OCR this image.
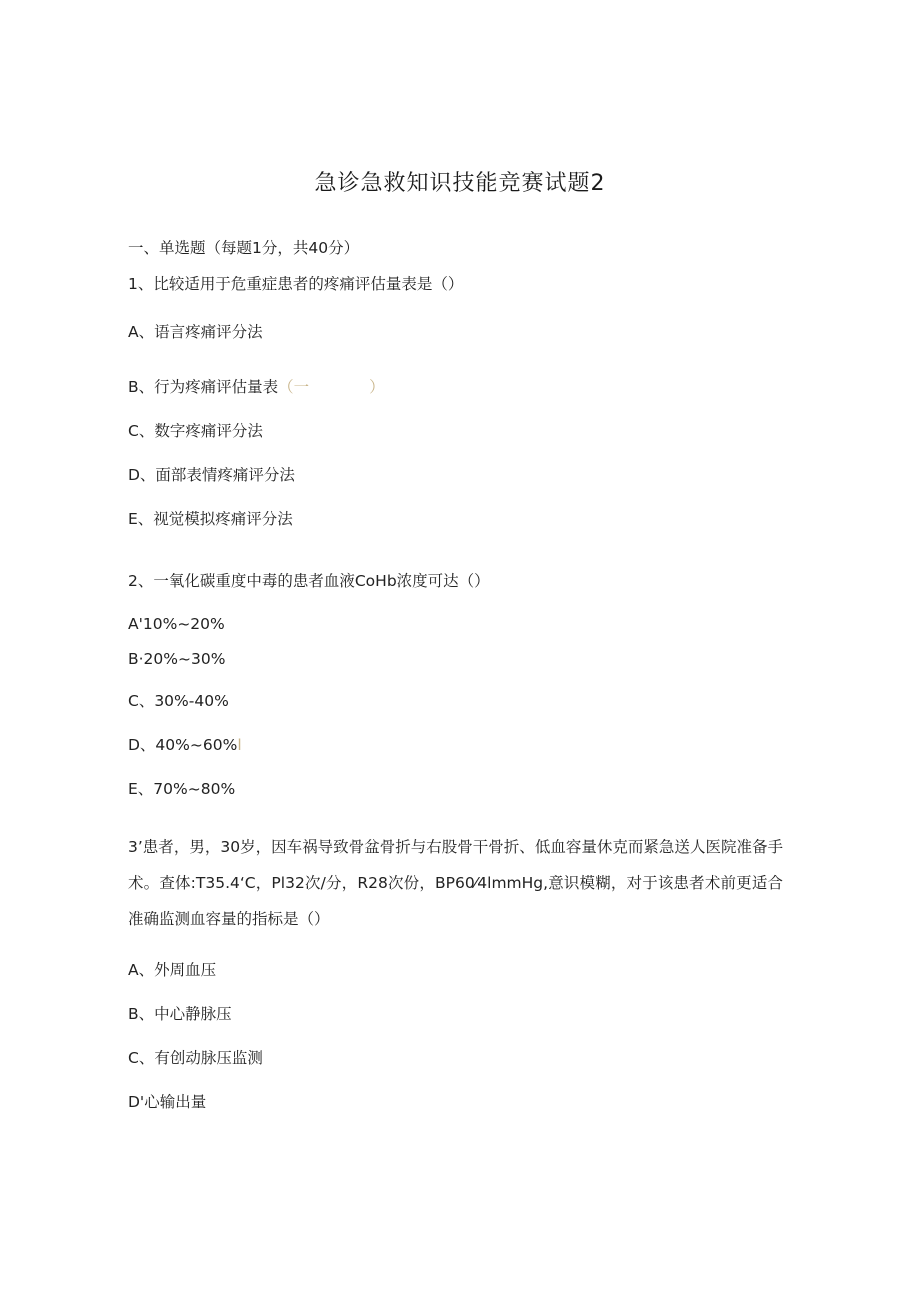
急诊急救知识技能竞赛试题2
一、单选题（每题1分，共40分）
1、比较适用于危重症患者的疼痛评估量表是（）
A、语言疼痛评分法
B、行为疼痛评估量表（一	）
C、数字疼痛评分法
D、面部表情疼痛评分法
E、视觉模拟疼痛评分法
2、一氧化碳重度中毒的患者血液CoHb浓度可达（）
A'10%~20%
B·20%~30%
C、30%-40%
D、40%~60%l
E、70%~80%
3’患者，男，30岁，因车祸导致骨盆骨折与右股骨干骨折、低血容量休克而紧急送人医院准备手术。查体:T35.4‘C，Pl32次/分，R28次份，BP60⁄4lmmHg,意识模糊，对于该患者术前更适合准确监测血容量的指标是（）
A、外周血压
B、中心静脉压
C、有创动脉压监测
D'心输出量
